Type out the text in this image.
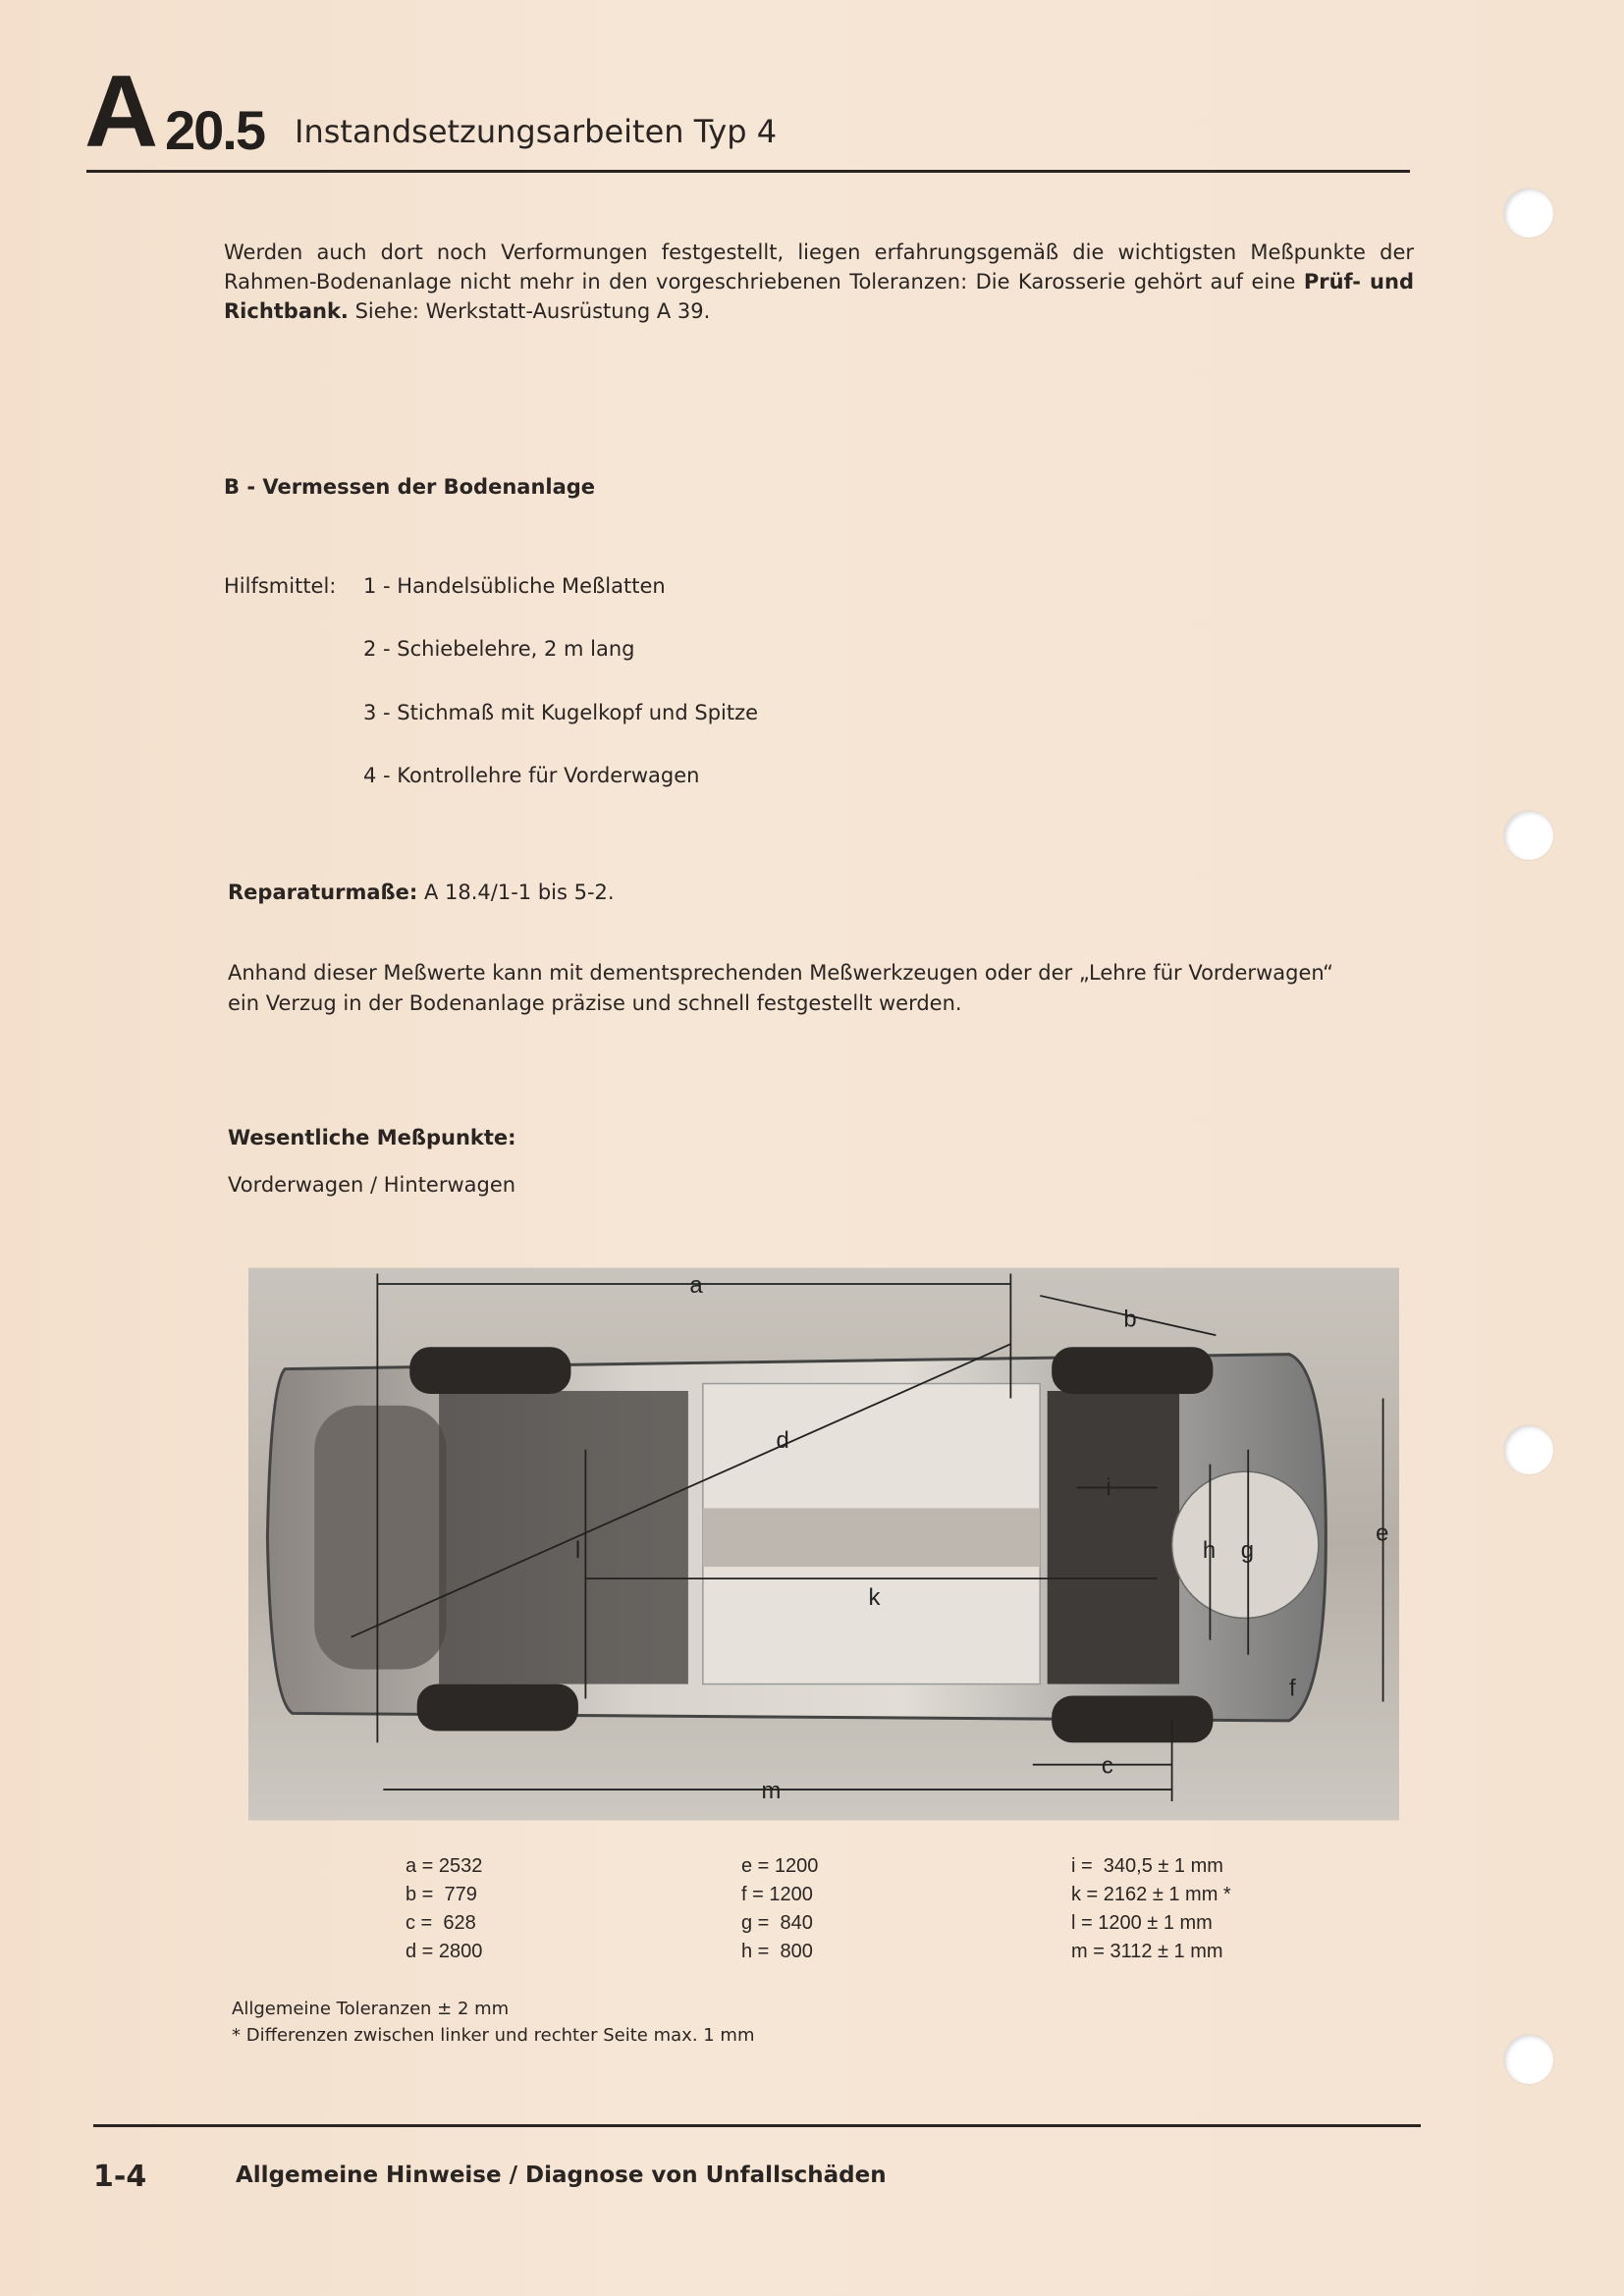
A 20.5 Instandsetzungsarbeiten Typ 4
Werden auch dort noch Verformungen festgestellt, liegen erfahrungsgemäß die wichtigsten Meßpunkte der Rahmen-Bodenanlage nicht mehr in den vorgeschriebenen Toleranzen: Die Karosserie gehört auf eine Prüf- und Richtbank. Siehe: Werkstatt-Ausrüstung A 39.
B - Vermessen der Bodenanlage
Hilfsmittel: 1 - Handelsübliche Meßlatten
2 - Schiebelehre, 2 m lang
3 - Stichmaß mit Kugelkopf und Spitze
4 - Kontrollehre für Vorderwagen
Reparaturmaße: A 18.4/1-1 bis 5-2.
Anhand dieser Meßwerte kann mit dementsprechenden Meßwerkzeugen oder der „Lehre für Vorderwagen“
ein Verzug in der Bodenanlage präzise und schnell festgestellt werden.
Wesentliche Meßpunkte:
Vorderwagen / Hinterwagen
a
b
c
d
e
f
g
h
i
k
l
m
a = 2532
b =  779
c =  628
d = 2800
e = 1200
f = 1200
g =  840
h =  800
i =  340,5 ± 1 mm
k = 2162 ± 1 mm *
l = 1200 ± 1 mm
m = 3112 ± 1 mm
Allgemeine Toleranzen ± 2 mm
* Differenzen zwischen linker und rechter Seite max. 1 mm
1-4	Allgemeine Hinweise / Diagnose von Unfallschäden
